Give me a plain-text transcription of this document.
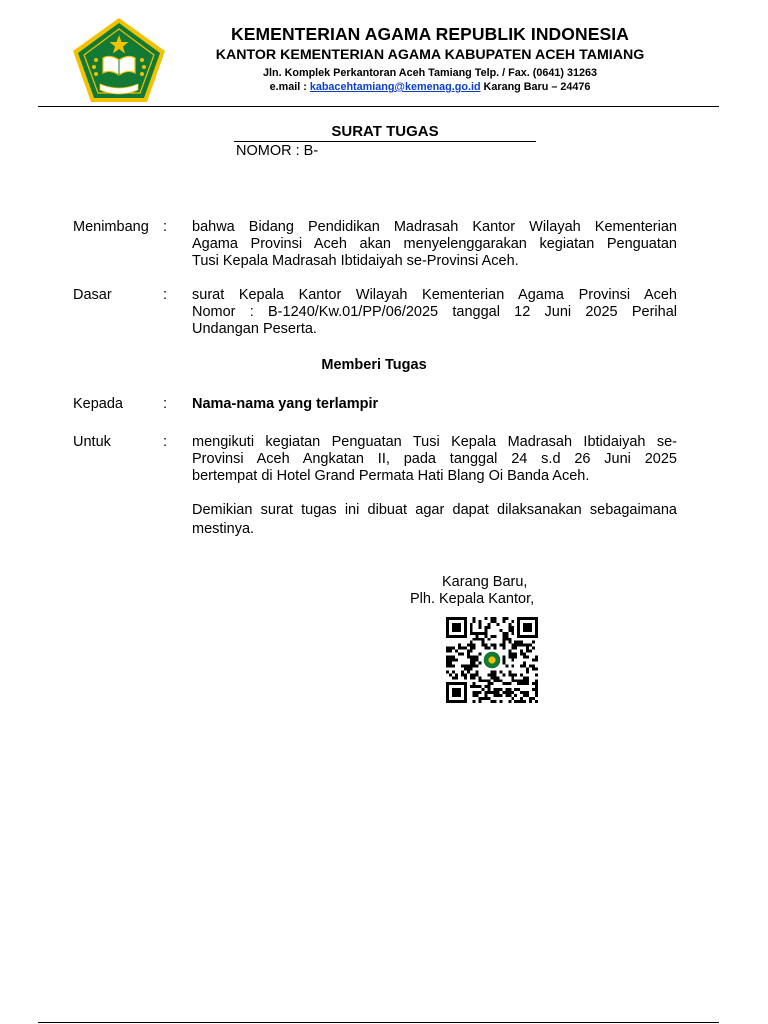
KEMENTERIAN AGAMA REPUBLIK INDONESIA
KANTOR KEMENTERIAN AGAMA KABUPATEN ACEH TAMIANG
Jln. Komplek Perkantoran Aceh Tamiang Telp. / Fax. (0641) 31263
e.mail : kabacehtamiang@kemenag.go.id Karang Baru – 24476
SURAT TUGAS
NOMOR : B-
Menimbang : bahwa Bidang Pendidikan Madrasah Kantor Wilayah Kementerian
Agama Provinsi Aceh akan menyelenggarakan kegiatan Penguatan
Tusi Kepala Madrasah Ibtidaiyah se-Provinsi Aceh.
Dasar	: surat Kepala Kantor Wilayah Kementerian Agama Provinsi Aceh
Nomor : B-1240/Kw.01/PP/06/2025 tanggal 12 Juni 2025 Perihal
Undangan Peserta.
Memberi Tugas
Kepada	: Nama-nama yang terlampir
Untuk	: mengikuti kegiatan Penguatan Tusi Kepala Madrasah Ibtidaiyah se-
Provinsi Aceh Angkatan II, pada tanggal 24 s.d 26 Juni 2025
bertempat di Hotel Grand Permata Hati Blang Oi Banda Aceh.
Demikian surat tugas ini dibuat agar dapat dilaksanakan sebagaimana
mestinya.
Karang Baru,
Plh. Kepala Kantor,
